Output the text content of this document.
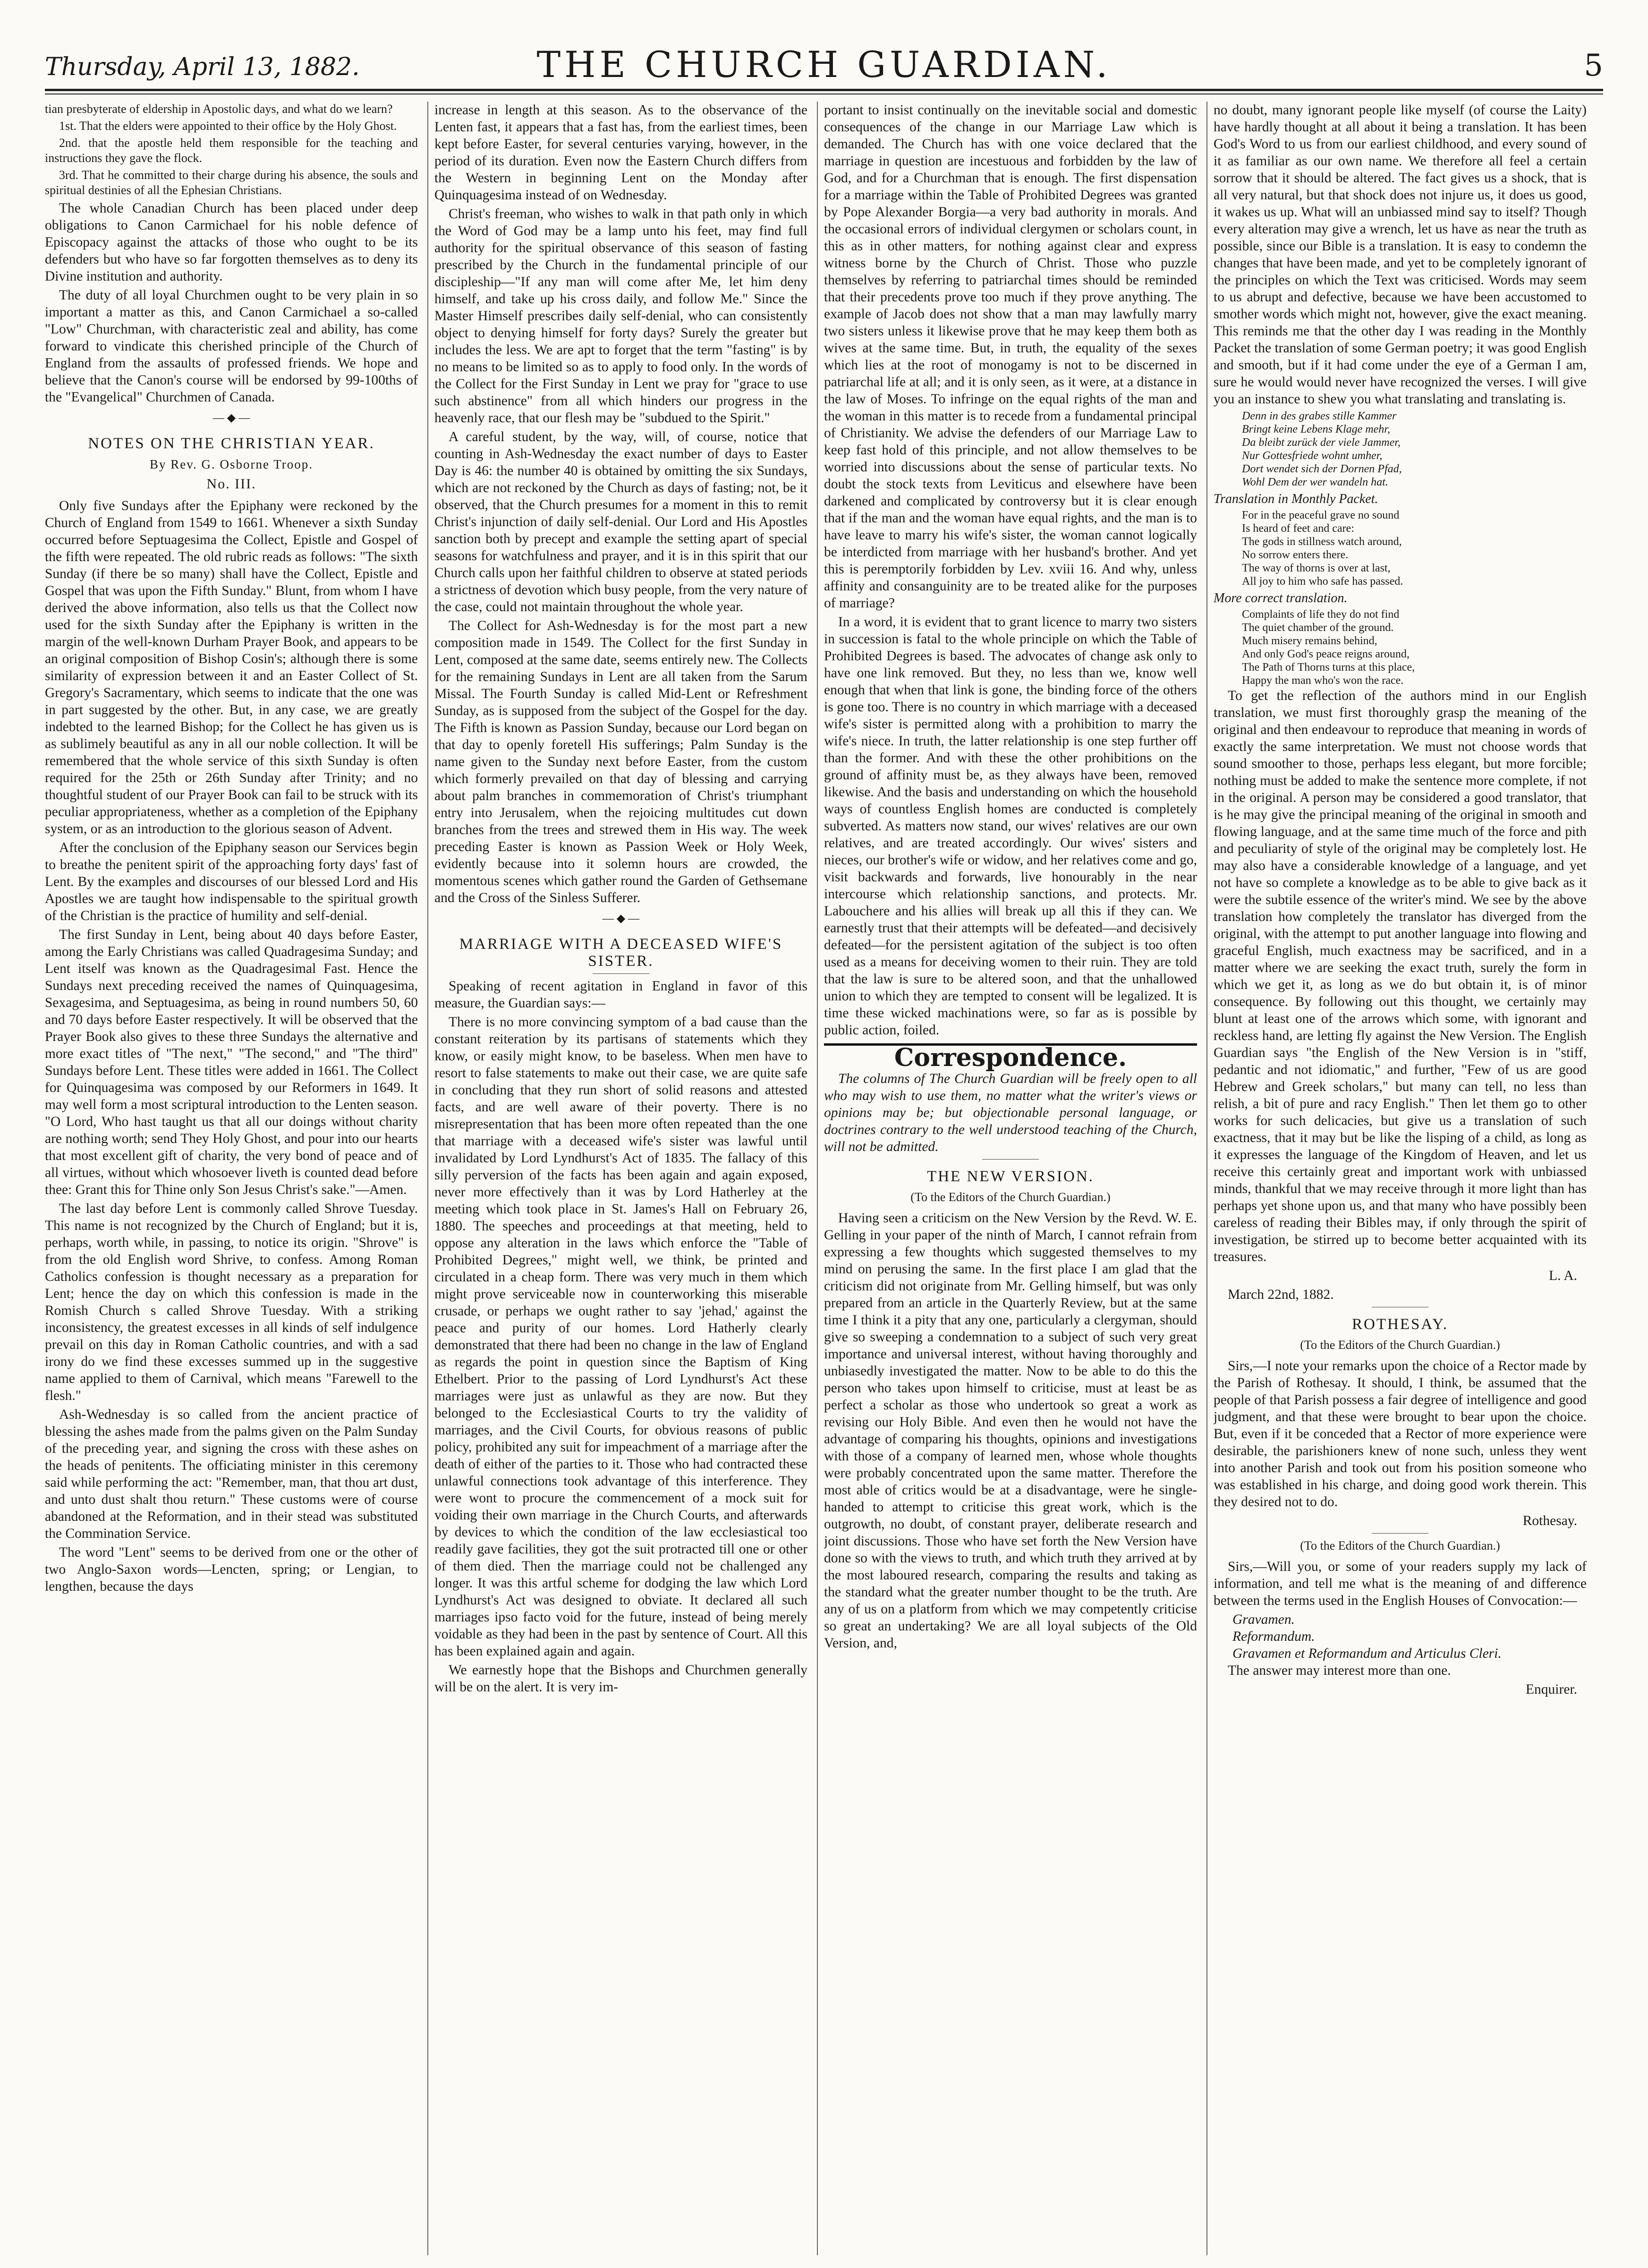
Thursday, April 13, 1882.	THE CHURCH GUARDIAN.	5

tian presbyterate of eldership in Apostolic days, and what do we learn?

1st. That the elders were appointed to their office by the Holy Ghost.

2nd. that the apostle held them responsible for the teaching and instructions they gave the flock.

3rd. That he committed to their charge during his absence, the souls and spiritual destinies of all the Ephesian Christians.

The whole Canadian Church has been placed under deep obligations to Canon Carmichael for his noble defence of Episcopacy against the attacks of those who ought to be its defenders but who have so far forgotten themselves as to deny its Divine institution and authority.

The duty of all loyal Churchmen ought to be very plain in so important a matter as this, and Canon Carmichael a so-called "Low" Churchman, with characteristic zeal and ability, has come forward to vindicate this cherished principle of the Church of England from the assaults of professed friends. We hope and believe that the Canon's course will be endorsed by 99-100ths of the "Evangelical" Churchmen of Canada.

— ◆ —
NOTES ON THE CHRISTIAN YEAR.
By Rev. G. Osborne Troop.
No. III.

Only five Sundays after the Epiphany were reckoned by the Church of England from 1549 to 1661. Whenever a sixth Sunday occurred before Septuagesima the Collect, Epistle and Gospel of the fifth were repeated. The old rubric reads as follows: "The sixth Sunday (if there be so many) shall have the Collect, Epistle and Gospel that was upon the Fifth Sunday." Blunt, from whom I have derived the above information, also tells us that the Collect now used for the sixth Sunday after the Epiphany is written in the margin of the well-known Durham Prayer Book, and appears to be an original composition of Bishop Cosin's; although there is some similarity of expression between it and an Easter Collect of St. Gregory's Sacramentary, which seems to indicate that the one was in part suggested by the other. But, in any case, we are greatly indebted to the learned Bishop; for the Collect he has given us is as sublimely beautiful as any in all our noble collection. It will be remembered that the whole service of this sixth Sunday is often required for the 25th or 26th Sunday after Trinity; and no thoughtful student of our Prayer Book can fail to be struck with its peculiar appropriateness, whether as a completion of the Epiphany system, or as an introduction to the glorious season of Advent.

After the conclusion of the Epiphany season our Services begin to breathe the penitent spirit of the approaching forty days' fast of Lent. By the examples and discourses of our blessed Lord and His Apostles we are taught how indispensable to the spiritual growth of the Christian is the practice of humility and self-denial.

The first Sunday in Lent, being about 40 days before Easter, among the Early Christians was called Quadragesima Sunday; and Lent itself was known as the Quadragesimal Fast. Hence the Sundays next preceding received the names of Quinquagesima, Sexagesima, and Septuagesima, as being in round numbers 50, 60 and 70 days before Easter respectively. It will be observed that the Prayer Book also gives to these three Sundays the alternative and more exact titles of "The next," "The second," and "The third" Sundays before Lent. These titles were added in 1661. The Collect for Quinquagesima was composed by our Reformers in 1649. It may well form a most scriptural introduction to the Lenten season. "O Lord, Who hast taught us that all our doings without charity are nothing worth; send They Holy Ghost, and pour into our hearts that most excellent gift of charity, the very bond of peace and of all virtues, without which whosoever liveth is counted dead before thee: Grant this for Thine only Son Jesus Christ's sake."—Amen.

The last day before Lent is commonly called Shrove Tuesday. This name is not recognized by the Church of England; but it is, perhaps, worth while, in passing, to notice its origin. "Shrove" is from the old English word Shrive, to confess. Among Roman Catholics confession is thought necessary as a preparation for Lent; hence the day on which this confession is made in the Romish Church s called Shrove Tuesday. With a striking inconsistency, the greatest excesses in all kinds of self indulgence prevail on this day in Roman Catholic countries, and with a sad irony do we find these excesses summed up in the suggestive name applied to them of Carnival, which means "Farewell to the flesh."

Ash-Wednesday is so called from the ancient practice of blessing the ashes made from the palms given on the Palm Sunday of the preceding year, and signing the cross with these ashes on the heads of penitents. The officiating minister in this ceremony said while performing the act: "Remember, man, that thou art dust, and unto dust shalt thou return." These customs were of course abandoned at the Reformation, and in their stead was substituted the Commination Service.

The word "Lent" seems to be derived from one or the other of two Anglo-Saxon words—Lencten, spring; or Lengian, to lengthen, because the days

increase in length at this season. As to the observance of the Lenten fast, it appears that a fast has, from the earliest times, been kept before Easter, for several centuries varying, however, in the period of its duration. Even now the Eastern Church differs from the Western in beginning Lent on the Monday after Quinquagesima instead of on Wednesday.

Christ's freeman, who wishes to walk in that path only in which the Word of God may be a lamp unto his feet, may find full authority for the spiritual observance of this season of fasting prescribed by the Church in the fundamental principle of our discipleship—"If any man will come after Me, let him deny himself, and take up his cross daily, and follow Me." Since the Master Himself prescribes daily self-denial, who can consistently object to denying himself for forty days? Surely the greater but includes the less. We are apt to forget that the term "fasting" is by no means to be limited so as to apply to food only. In the words of the Collect for the First Sunday in Lent we pray for "grace to use such abstinence" from all which hinders our progress in the heavenly race, that our flesh may be "subdued to the Spirit."

A careful student, by the way, will, of course, notice that counting in Ash-Wednesday the exact number of days to Easter Day is 46: the number 40 is obtained by omitting the six Sundays, which are not reckoned by the Church as days of fasting; not, be it observed, that the Church presumes for a moment in this to remit Christ's injunction of daily self-denial. Our Lord and His Apostles sanction both by precept and example the setting apart of special seasons for watchfulness and prayer, and it is in this spirit that our Church calls upon her faithful children to observe at stated periods a strictness of devotion which busy people, from the very nature of the case, could not maintain throughout the whole year.

The Collect for Ash-Wednesday is for the most part a new composition made in 1549. The Collect for the first Sunday in Lent, composed at the same date, seems entirely new. The Collects for the remaining Sundays in Lent are all taken from the Sarum Missal. The Fourth Sunday is called Mid-Lent or Refreshment Sunday, as is supposed from the subject of the Gospel for the day. The Fifth is known as Passion Sunday, because our Lord began on that day to openly foretell His sufferings; Palm Sunday is the name given to the Sunday next before Easter, from the custom which formerly prevailed on that day of blessing and carrying about palm branches in commemoration of Christ's triumphant entry into Jerusalem, when the rejoicing multitudes cut down branches from the trees and strewed them in His way. The week preceding Easter is known as Passion Week or Holy Week, evidently because into it solemn hours are crowded, the momentous scenes which gather round the Garden of Gethsemane and the Cross of the Sinless Sufferer.

— ◆ —
MARRIAGE WITH A DECEASED WIFE'S SISTER.

Speaking of recent agitation in England in favor of this measure, the Guardian says:—

There is no more convincing symptom of a bad cause than the constant reiteration by its partisans of statements which they know, or easily might know, to be baseless. When men have to resort to false statements to make out their case, we are quite safe in concluding that they run short of solid reasons and attested facts, and are well aware of their poverty. There is no misrepresentation that has been more often repeated than the one that marriage with a deceased wife's sister was lawful until invalidated by Lord Lyndhurst's Act of 1835. The fallacy of this silly perversion of the facts has been again and again exposed, never more effectively than it was by Lord Hatherley at the meeting which took place in St. James's Hall on February 26, 1880. The speeches and proceedings at that meeting, held to oppose any alteration in the laws which enforce the "Table of Prohibited Degrees," might well, we think, be printed and circulated in a cheap form. There was very much in them which might prove serviceable now in counterworking this miserable crusade, or perhaps we ought rather to say 'jehad,' against the peace and purity of our homes. Lord Hatherly clearly demonstrated that there had been no change in the law of England as regards the point in question since the Baptism of King Ethelbert. Prior to the passing of Lord Lyndhurst's Act these marriages were just as unlawful as they are now. But they belonged to the Ecclesiastical Courts to try the validity of marriages, and the Civil Courts, for obvious reasons of public policy, prohibited any suit for impeachment of a marriage after the death of either of the parties to it. Those who had contracted these unlawful connections took advantage of this interference. They were wont to procure the commencement of a mock suit for voiding their own marriage in the Church Courts, and afterwards by devices to which the condition of the law ecclesiastical too readily gave facilities, they got the suit protracted till one or other of them died. Then the marriage could not be challenged any longer. It was this artful scheme for dodging the law which Lord Lyndhurst's Act was designed to obviate. It declared all such marriages ipso facto void for the future, instead of being merely voidable as they had been in the past by sentence of Court. All this has been explained again and again.

We earnestly hope that the Bishops and Churchmen generally will be on the alert. It is very im-

portant to insist continually on the inevitable social and domestic consequences of the change in our Marriage Law which is demanded. The Church has with one voice declared that the marriage in question are incestuous and forbidden by the law of God, and for a Churchman that is enough. The first dispensation for a marriage within the Table of Prohibited Degrees was granted by Pope Alexander Borgia—a very bad authority in morals. And the occasional errors of individual clergymen or scholars count, in this as in other matters, for nothing against clear and express witness borne by the Church of Christ. Those who puzzle themselves by referring to patriarchal times should be reminded that their precedents prove too much if they prove anything. The example of Jacob does not show that a man may lawfully marry two sisters unless it likewise prove that he may keep them both as wives at the same time. But, in truth, the equality of the sexes which lies at the root of monogamy is not to be discerned in patriarchal life at all; and it is only seen, as it were, at a distance in the law of Moses. To infringe on the equal rights of the man and the woman in this matter is to recede from a fundamental principal of Christianity. We advise the defenders of our Marriage Law to keep fast hold of this principle, and not allow themselves to be worried into discussions about the sense of particular texts. No doubt the stock texts from Leviticus and elsewhere have been darkened and complicated by controversy but it is clear enough that if the man and the woman have equal rights, and the man is to have leave to marry his wife's sister, the woman cannot logically be interdicted from marriage with her husband's brother. And yet this is peremptorily forbidden by Lev. xviii 16. And why, unless affinity and consanguinity are to be treated alike for the purposes of marriage?

In a word, it is evident that to grant licence to marry two sisters in succession is fatal to the whole principle on which the Table of Prohibited Degrees is based. The advocates of change ask only to have one link removed. But they, no less than we, know well enough that when that link is gone, the binding force of the others is gone too. There is no country in which marriage with a deceased wife's sister is permitted along with a prohibition to marry the wife's niece. In truth, the latter relationship is one step further off than the former. And with these the other prohibitions on the ground of affinity must be, as they always have been, removed likewise. And the basis and understanding on which the household ways of countless English homes are conducted is completely subverted. As matters now stand, our wives' relatives are our own relatives, and are treated accordingly. Our wives' sisters and nieces, our brother's wife or widow, and her relatives come and go, visit backwards and forwards, live honourably in the near intercourse which relationship sanctions, and protects. Mr. Labouchere and his allies will break up all this if they can. We earnestly trust that their attempts will be defeated—and decisively defeated—for the persistent agitation of the subject is too often used as a means for deceiving women to their ruin. They are told that the law is sure to be altered soon, and that the unhallowed union to which they are tempted to consent will be legalized. It is time these wicked machinations were, so far as is possible by public action, foiled.

Correspondence.

The columns of The Church Guardian will be freely open to all who may wish to use them, no matter what the writer's views or opinions may be; but objectionable personal language, or doctrines contrary to the well understood teaching of the Church, will not be admitted.

THE NEW VERSION.
(To the Editors of the Church Guardian.)

Having seen a criticism on the New Version by the Revd. W. E. Gelling in your paper of the ninth of March, I cannot refrain from expressing a few thoughts which suggested themselves to my mind on perusing the same. In the first place I am glad that the criticism did not originate from Mr. Gelling himself, but was only prepared from an article in the Quarterly Review, but at the same time I think it a pity that any one, particularly a clergyman, should give so sweeping a condemnation to a subject of such very great importance and universal interest, without having thoroughly and unbiasedly investigated the matter. Now to be able to do this the person who takes upon himself to criticise, must at least be as perfect a scholar as those who undertook so great a work as revising our Holy Bible. And even then he would not have the advantage of comparing his thoughts, opinions and investigations with those of a company of learned men, whose whole thoughts were probably concentrated upon the same matter. Therefore the most able of critics would be at a disadvantage, were he single-handed to attempt to criticise this great work, which is the outgrowth, no doubt, of constant prayer, deliberate research and joint discussions. Those who have set forth the New Version have done so with the views to truth, and which truth they arrived at by the most laboured research, comparing the results and taking as the standard what the greater number thought to be the truth. Are any of us on a platform from which we may competently criticise so great an undertaking? We are all loyal subjects of the Old Version, and,

no doubt, many ignorant people like myself (of course the Laity) have hardly thought at all about it being a translation. It has been God's Word to us from our earliest childhood, and every sound of it as familiar as our own name. We therefore all feel a certain sorrow that it should be altered. The fact gives us a shock, that is all very natural, but that shock does not injure us, it does us good, it wakes us up. What will an unbiassed mind say to itself? Though every alteration may give a wrench, let us have as near the truth as possible, since our Bible is a translation. It is easy to condemn the changes that have been made, and yet to be completely ignorant of the principles on which the Text was criticised. Words may seem to us abrupt and defective, because we have been accustomed to smother words which might not, however, give the exact meaning. This reminds me that the other day I was reading in the Monthly Packet the translation of some German poetry; it was good English and smooth, but if it had come under the eye of a German I am, sure he would would never have recognized the verses. I will give you an instance to shew you what translating and translating is.

Denn in des grabes stille Kammer
Bringt keine Lebens Klage mehr,
Da bleibt zurück der viele Jammer,
Nur Gottesfriede wohnt umher,
Dort wendet sich der Dornen Pfad,
Wohl Dem der wer wandeln hat.
Translation in Monthly Packet.
For in the peaceful grave no sound
Is heard of feet and care:
The gods in stillness watch around,
No sorrow enters there.
The way of thorns is over at last,
All joy to him who safe has passed.
More correct translation.
Complaints of life they do not find
The quiet chamber of the ground.
Much misery remains behind,
And only God's peace reigns around,
The Path of Thorns turns at this place,
Happy the man who's won the race.

To get the reflection of the authors mind in our English translation, we must first thoroughly grasp the meaning of the original and then endeavour to reproduce that meaning in words of exactly the same interpretation. We must not choose words that sound smoother to those, perhaps less elegant, but more forcible; nothing must be added to make the sentence more complete, if not in the original. A person may be considered a good translator, that is he may give the principal meaning of the original in smooth and flowing language, and at the same time much of the force and pith and peculiarity of style of the original may be completely lost. He may also have a considerable knowledge of a language, and yet not have so complete a knowledge as to be able to give back as it were the subtile essence of the writer's mind. We see by the above translation how completely the translator has diverged from the original, with the attempt to put another language into flowing and graceful English, much exactness may be sacrificed, and in a matter where we are seeking the exact truth, surely the form in which we get it, as long as we do but obtain it, is of minor consequence. By following out this thought, we certainly may blunt at least one of the arrows which some, with ignorant and reckless hand, are letting fly against the New Version. The English Guardian says "the English of the New Version is in "stiff, pedantic and not idiomatic," and further, "Few of us are good Hebrew and Greek scholars," but many can tell, no less than relish, a bit of pure and racy English." Then let them go to other works for such delicacies, but give us a translation of such exactness, that it may but be like the lisping of a child, as long as it expresses the language of the Kingdom of Heaven, and let us receive this certainly great and important work with unbiassed minds, thankful that we may receive through it more light than has perhaps yet shone upon us, and that many who have possibly been careless of reading their Bibles may, if only through the spirit of investigation, be stirred up to become better acquainted with its treasures.

L. A.

March 22nd, 1882.

ROTHESAY.
(To the Editors of the Church Guardian.)

Sirs,—I note your remarks upon the choice of a Rector made by the Parish of Rothesay. It should, I think, be assumed that the people of that Parish possess a fair degree of intelligence and good judgment, and that these were brought to bear upon the choice. But, even if it be conceded that a Rector of more experience were desirable, the parishioners knew of none such, unless they went into another Parish and took out from his position someone who was established in his charge, and doing good work therein. This they desired not to do.

Rothesay.
(To the Editors of the Church Guardian.)

Sirs,—Will you, or some of your readers supply my lack of information, and tell me what is the meaning of and difference between the terms used in the English Houses of Convocation:—

Gravamen.

Reformandum.

Gravamen et Reformandum and Articulus Cleri.

The answer may interest more than one.

Enquirer.
